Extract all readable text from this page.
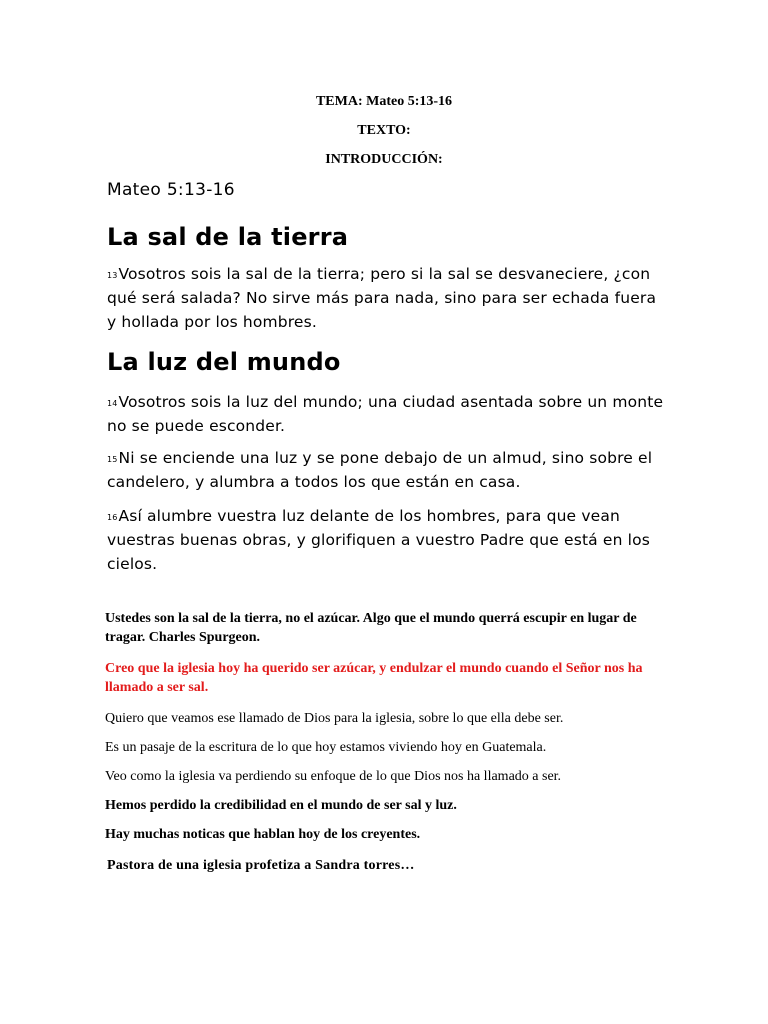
TEMA: Mateo 5:13-16
TEXTO:
INTRODUCCIÓN:
Mateo 5:13-16
La sal de la tierra
$^{13}$Vosotros sois la sal de la tierra; pero si la sal se desvaneciere, ¿con qué será salada? No sirve más para nada, sino para ser echada fuera y hollada por los hombres.
La luz del mundo
$^{14}$Vosotros sois la luz del mundo; una ciudad asentada sobre un monte no se puede esconder.
$^{15}$Ni se enciende una luz y se pone debajo de un almud, sino sobre el candelero, y alumbra a todos los que están en casa.
$^{16}$Así alumbre vuestra luz delante de los hombres, para que vean vuestras buenas obras, y glorifiquen a vuestro Padre que está en los cielos.
Ustedes son la sal de la tierra, no el azúcar. Algo que el mundo querrá escupir en lugar de tragar. Charles Spurgeon.
Creo que la iglesia hoy ha querido ser azúcar, y endulzar el mundo cuando el Señor nos ha llamado a ser sal.
Quiero que veamos ese llamado de Dios para la iglesia, sobre lo que ella debe ser.
Es un pasaje de la escritura de lo que hoy estamos viviendo hoy en Guatemala.
Veo como la iglesia va perdiendo su enfoque de lo que Dios nos ha llamado a ser.
Hemos perdido la credibilidad en el mundo de ser sal y luz.
Hay muchas noticas que hablan hoy de los creyentes.
Pastora de una iglesia profetiza a Sandra torres…
